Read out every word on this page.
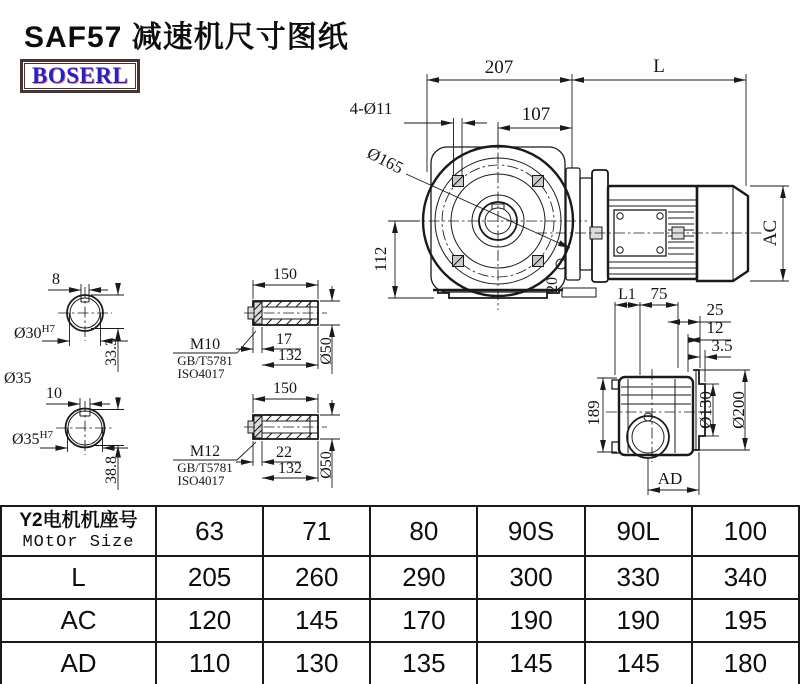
207	L
107
4-Ø11
Ø165
112
20
AC
8
$Ø30^{H7}$
33.3
Ø35
10
$Ø35^{H7}$
38.8
150
17
132 Ø50
M10
GB/T5781
ISO4017
150
22
132 Ø50
M12
GB/T5781
ISO4017
L1 75
25
12
3.5
189	Ø130 Ø200
AD
SAF57 减速机尺寸图纸
BOSERL
Y2电机机座号
MOtOr Size	63	71	80	90S	90L	100
L	205	260	290	300	330	340
AC	120	145	170	190	190	195
AD	110	130	135	145	145	180
